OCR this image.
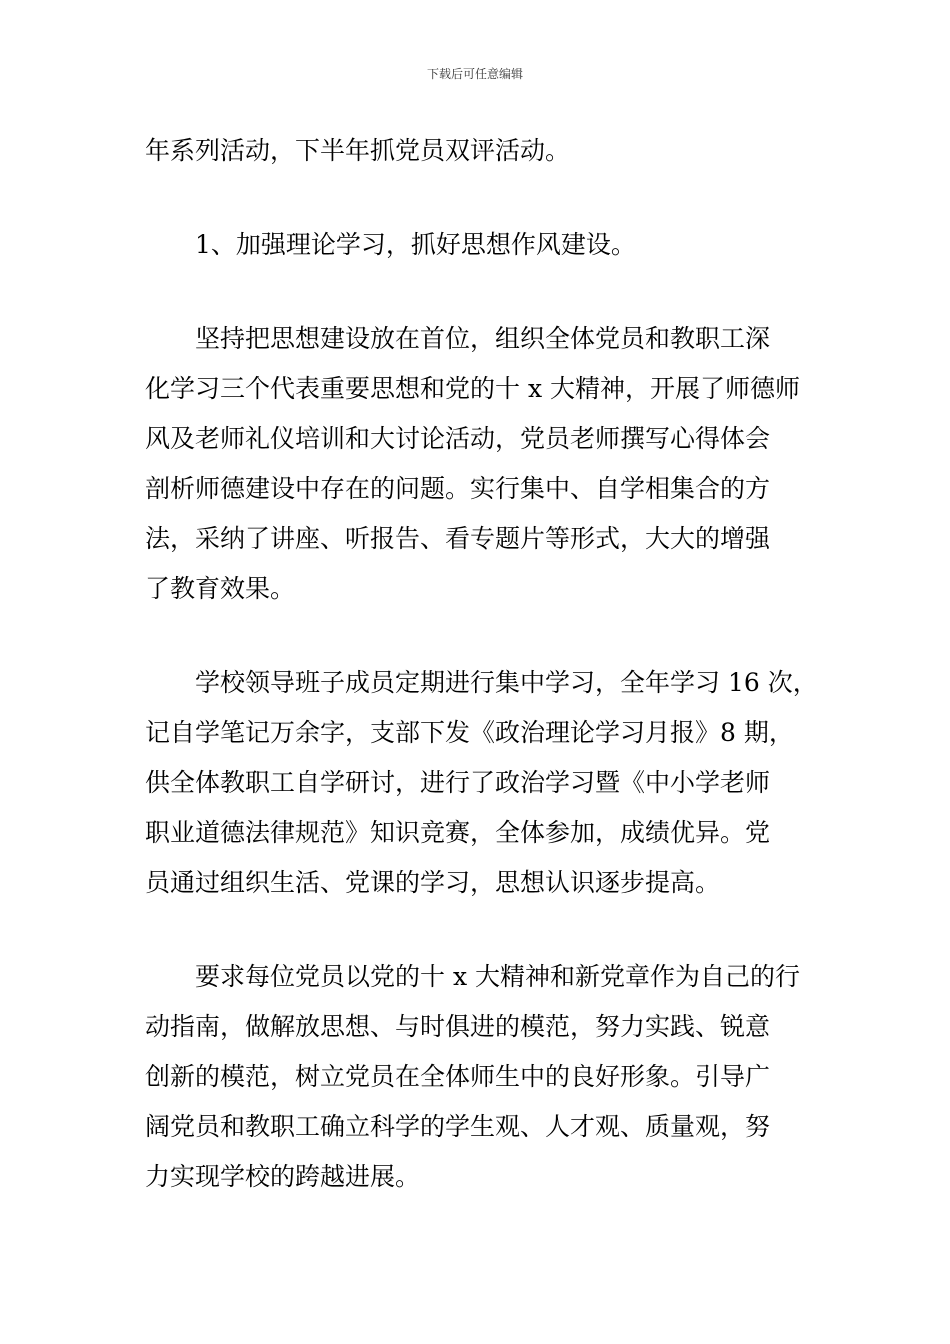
下载后可任意编辑
年系列活动，下半年抓党员双评活动。
1、加强理论学习，抓好思想作风建设。
坚持把思想建设放在首位，组织全体党员和教职工深
化学习三个代表重要思想和党的十 x 大精神，开展了师德师
风及老师礼仪培训和大讨论活动，党员老师撰写心得体会
剖析师德建设中存在的问题。实行集中、自学相集合的方
法，采纳了讲座、听报告、看专题片等形式，大大的增强
了教育效果。
学校领导班子成员定期进行集中学习，全年学习 16 次，
记自学笔记万余字，支部下发《政治理论学习月报》8 期，
供全体教职工自学研讨，进行了政治学习暨《中小学老师
职业道德法律规范》知识竞赛，全体参加，成绩优异。党
员通过组织生活、党课的学习，思想认识逐步提高。
要求每位党员以党的十 x 大精神和新党章作为自己的行
动指南，做解放思想、与时俱进的模范，努力实践、锐意
创新的模范，树立党员在全体师生中的良好形象。引导广
阔党员和教职工确立科学的学生观、人才观、质量观，努
力实现学校的跨越进展。
